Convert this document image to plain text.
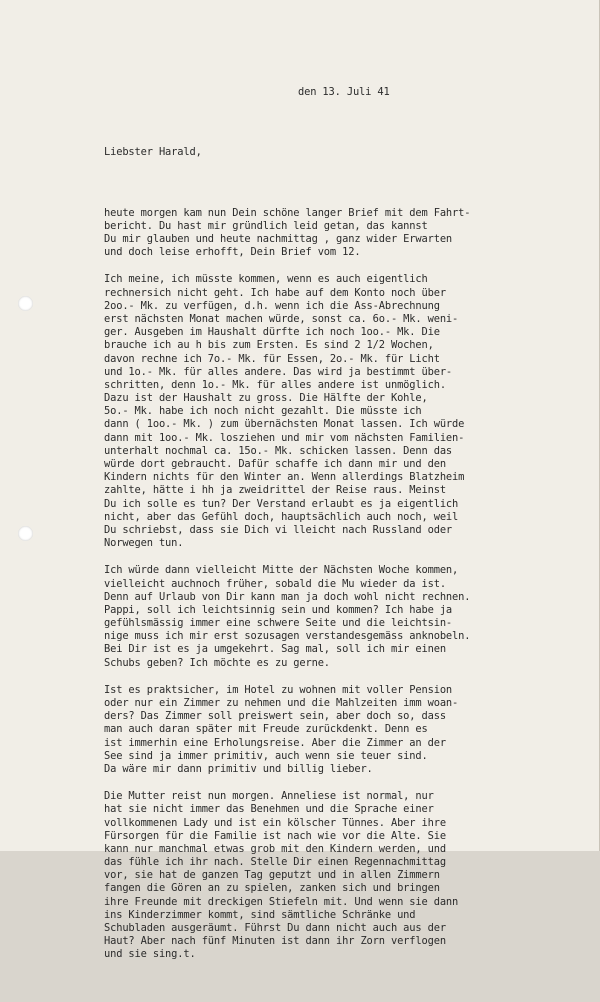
den 13. Juli 41

Liebster Harald,

heute morgen kam nun Dein schöne langer Brief mit dem Fahrt-
bericht. Du hast mir gründlich leid getan, das kannst
Du mir glauben und heute nachmittag , ganz wider Erwarten
und doch leise erhofft, Dein Brief vom 12.
Ich meine, ich müsste kommen, wenn es auch eigentlich
rechnersich nicht geht. Ich habe auf dem Konto noch über
2oo.- Mk. zu verfügen, d.h. wenn ich die Ass-Abrechnung
erst nächsten Monat machen würde, sonst ca. 6o.- Mk. weni-
ger. Ausgeben im Haushalt dürfte ich noch 1oo.- Mk. Die
brauche ich au h bis zum Ersten. Es sind 2 1/2 Wochen,
davon rechne ich 7o.- Mk. für Essen, 2o.- Mk. für Licht
und 1o.- Mk. für alles andere. Das wird ja bestimmt über-
schritten, denn 1o.- Mk. für alles andere ist unmöglich.
Dazu ist der Haushalt zu gross. Die Hälfte der Kohle,
5o.- Mk. habe ich noch nicht gezahlt. Die müsste ich
dann ( 1oo.- Mk. ) zum übernächsten Monat lassen. Ich würde
dann mit 1oo.- Mk. losziehen und mir vom nächsten Familien-
unterhalt nochmal ca. 15o.- Mk. schicken lassen. Denn das
würde dort gebraucht. Dafür schaffe ich dann mir und den
Kindern nichts für den Winter an. Wenn allerdings Blatzheim
zahlte, hätte i hh ja zweidrittel der Reise raus. Meinst
Du ich solle es tun? Der Verstand erlaubt es ja eigentlich
nicht, aber das Gefühl doch, hauptsächlich auch noch, weil
Du schriebst, dass sie Dich vi lleicht nach Russland oder
Norwegen tun.
Ich würde dann vielleicht Mitte der Nächsten Woche kommen,
vielleicht auchnoch früher, sobald die Mu wieder da ist.
Denn auf Urlaub von Dir kann man ja doch wohl nicht rechnen.
Pappi, soll ich leichtsinnig sein und kommen? Ich habe ja
gefühlsmässig immer eine schwere Seite und die leichtsin-
nige muss ich mir erst sozusagen verstandesgemäss anknobeln.
Bei Dir ist es ja umgekehrt. Sag mal, soll ich mir einen
Schubs geben? Ich möchte es zu gerne.
Ist es praktsicher, im Hotel zu wohnen mit voller Pension
oder nur ein Zimmer zu nehmen und die Mahlzeiten imm woan-
ders? Das Zimmer soll preiswert sein, aber doch so, dass
man auch daran später mit Freude zurückdenkt. Denn es
ist immerhin eine Erholungsreise. Aber die Zimmer an der
See sind ja immer primitiv, auch wenn sie teuer sind.
Da wäre mir dann primitiv und billig lieber.
Die Mutter reist nun morgen. Anneliese ist normal, nur
hat sie nicht immer das Benehmen und die Sprache einer
vollkommenen Lady und ist ein kölscher Tünnes. Aber ihre
Fürsorgen für die Familie ist nach wie vor die Alte. Sie
kann nur manchmal etwas grob mit den Kindern werden, und
das fühle ich ihr nach. Stelle Dir einen Regennachmittag
vor, sie hat de ganzen Tag geputzt und in allen Zimmern
fangen die Gören an zu spielen, zanken sich und bringen
ihre Freunde mit dreckigen Stiefeln mit. Und wenn sie dann
ins Kinderzimmer kommt, sind sämtliche Schränke und
Schubladen ausgeräumt. Führst Du dann nicht auch aus der
Haut? Aber nach fünf Minuten ist dann ihr Zorn verflogen
und sie sing.t.
